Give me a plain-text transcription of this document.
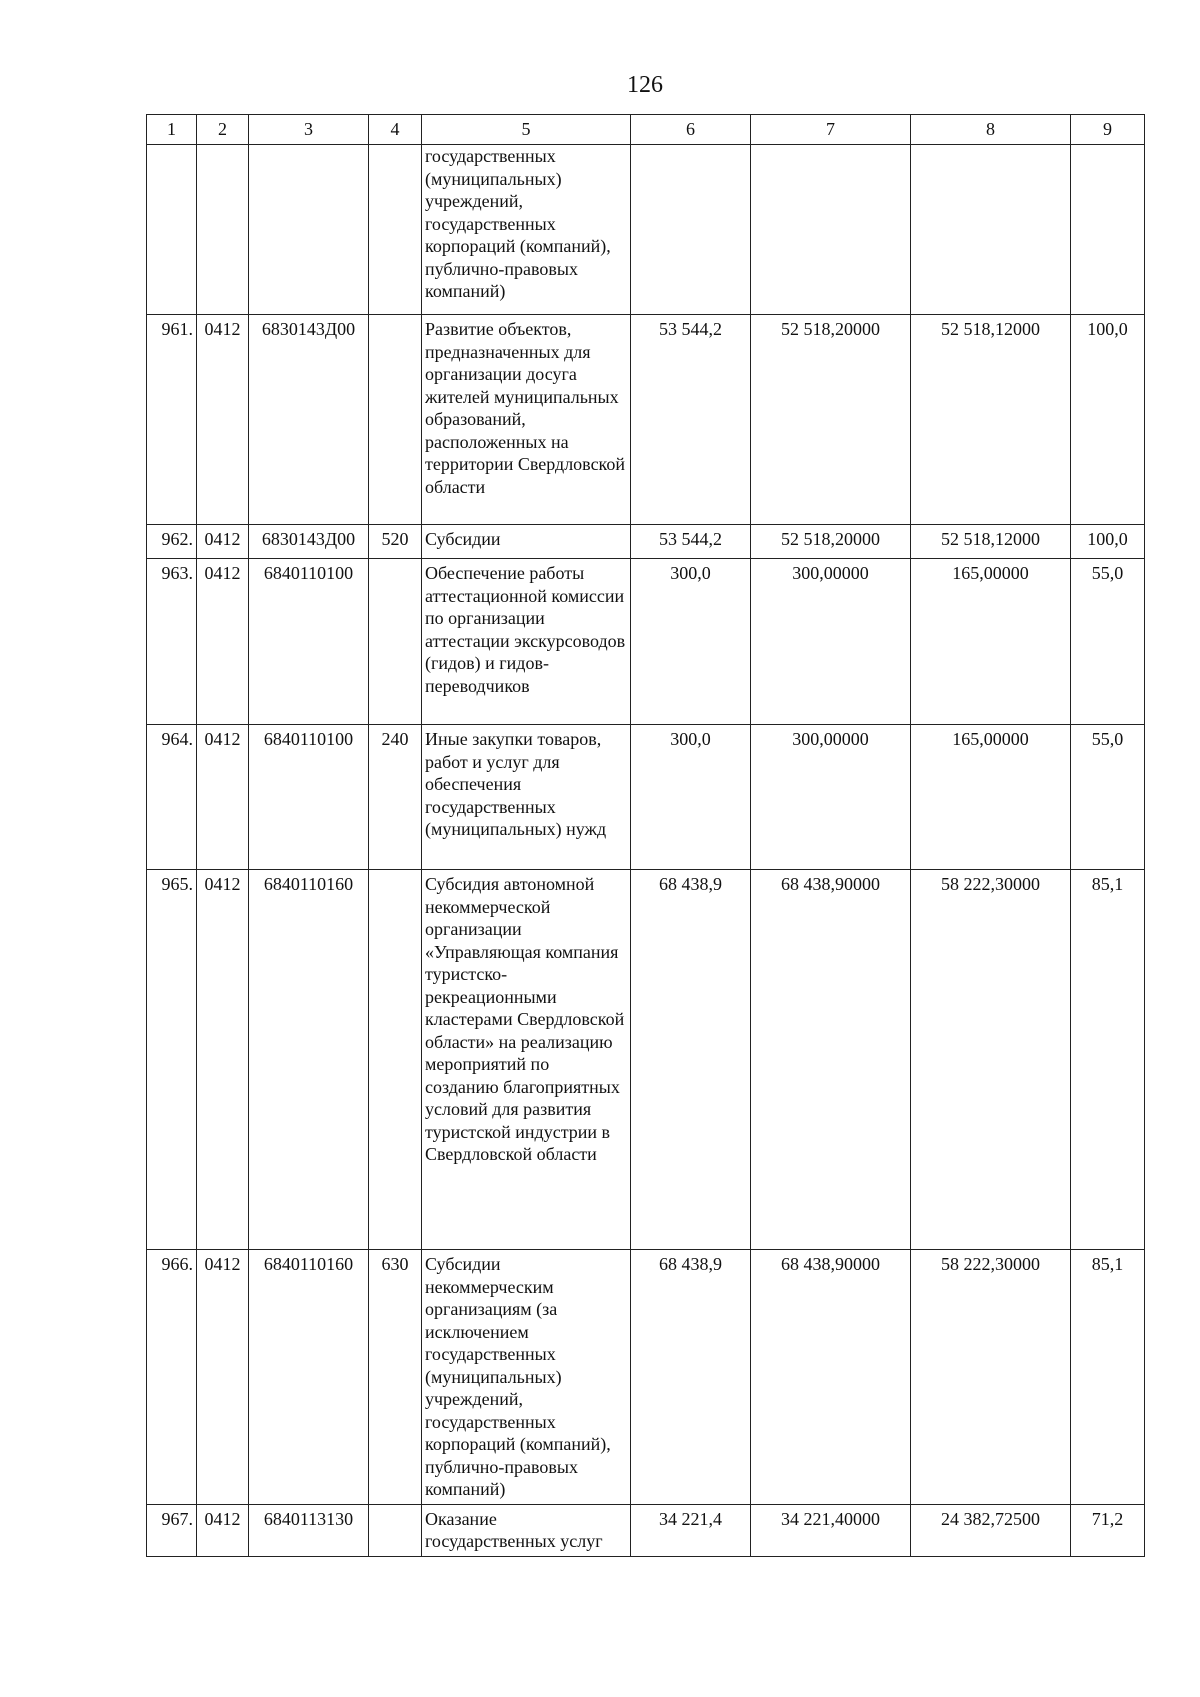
126
1	2	3	4	5	6	7	8	9
				государственных (муниципальных) учреждений, государственных корпораций (компаний), публично-правовых компаний)				
961.	0412	6830143Д00		Развитие объектов, предназначенных для организации досуга жителей муниципальных образований, расположенных на территории Свердловской области	53 544,2	52 518,20000	52 518,12000	100,0
962.	0412	6830143Д00	520	Субсидии	53 544,2	52 518,20000	52 518,12000	100,0
963.	0412	6840110100		Обеспечение работы аттестационной комиссии по организации аттестации экскурсоводов (гидов) и гидов-переводчиков	300,0	300,00000	165,00000	55,0
964.	0412	6840110100	240	Иные закупки товаров, работ и услуг для обеспечения государственных (муниципальных) нужд	300,0	300,00000	165,00000	55,0
965.	0412	6840110160		Субсидия автономной некоммерческой организации «Управляющая компания туристско-рекреационными кластерами Свердловской области» на реализацию мероприятий по созданию благоприятных условий для развития туристской индустрии в Свердловской области	68 438,9	68 438,90000	58 222,30000	85,1
966.	0412	6840110160	630	Субсидии некоммерческим организациям (за исключением государственных (муниципальных) учреждений, государственных корпораций (компаний), публично-правовых компаний)	68 438,9	68 438,90000	58 222,30000	85,1
967.	0412	6840113130		Оказание государственных услуг	34 221,4	34 221,40000	24 382,72500	71,2
